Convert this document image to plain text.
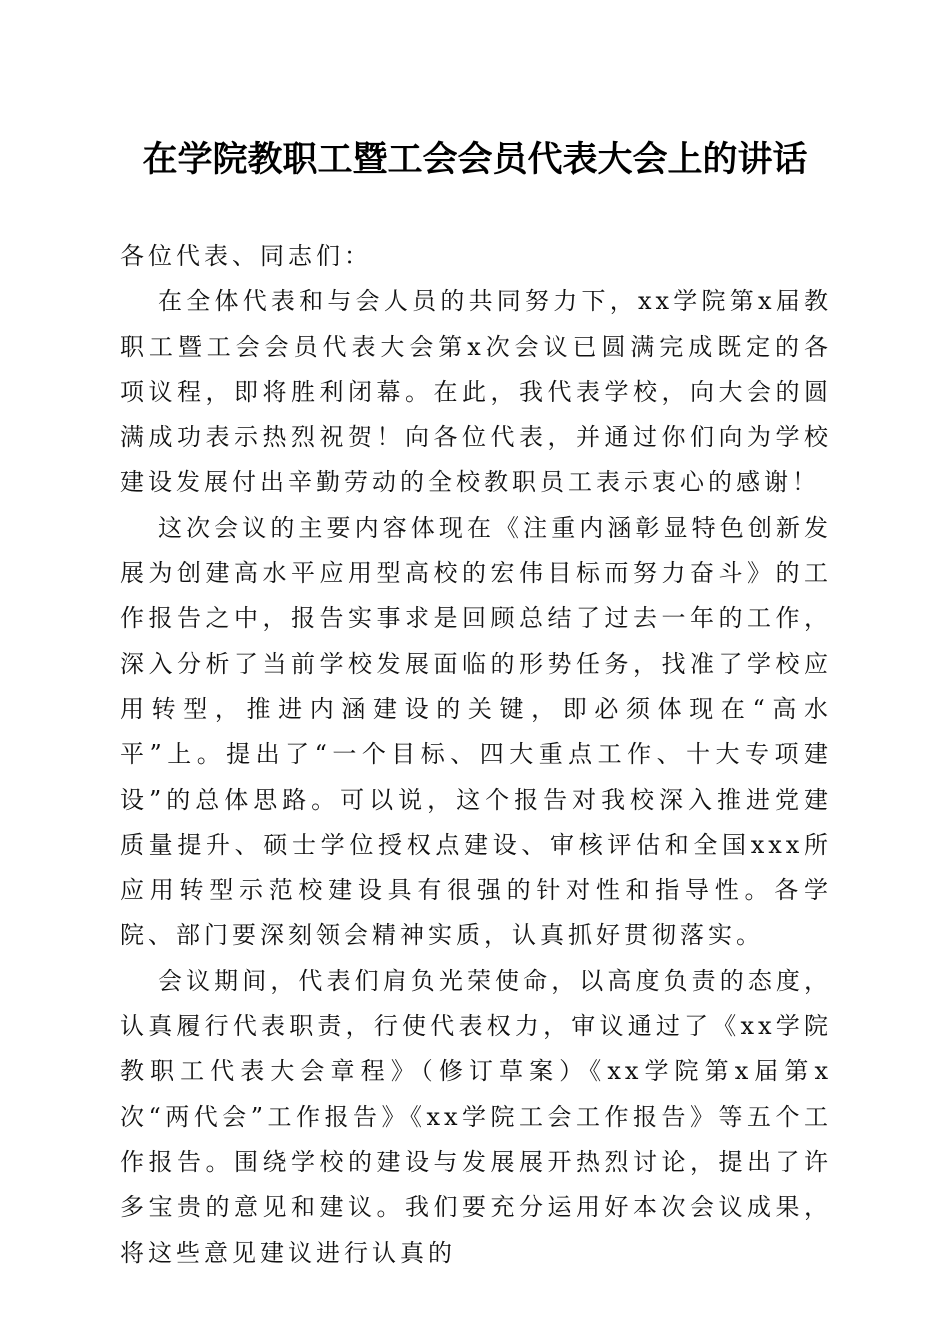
在学院教职工暨工会会员代表大会上的讲话

各位代表、同志们：

在全体代表和与会人员的共同努力下，xx学院第x届教职工暨工会会员代表大会第x次会议已圆满完成既定的各项议程，即将胜利闭幕。在此，我代表学校，向大会的圆满成功表示热烈祝贺！向各位代表，并通过你们向为学校建设发展付出辛勤劳动的全校教职员工表示衷心的感谢！

这次会议的主要内容体现在《注重内涵彰显特色创新发展为创建高水平应用型高校的宏伟目标而努力奋斗》的工作报告之中，报告实事求是回顾总结了过去一年的工作，深入分析了当前学校发展面临的形势任务，找准了学校应用转型，推进内涵建设的关键，即必须体现在“高水平”上。提出了“一个目标、四大重点工作、十大专项建设”的总体思路。可以说，这个报告对我校深入推进党建质量提升、硕士学位授权点建设、审核评估和全国xxx所应用转型示范校建设具有很强的针对性和指导性。各学院、部门要深刻领会精神实质，认真抓好贯彻落实。

会议期间，代表们肩负光荣使命，以高度负责的态度，认真履行代表职责，行使代表权力，审议通过了《xx学院教职工代表大会章程》（修订草案）《xx学院第x届第x次“两代会”工作报告》《xx学院工会工作报告》等五个工作报告。围绕学校的建设与发展展开热烈讨论，提出了许多宝贵的意见和建议。我们要充分运用好本次会议成果，将这些意见建议进行认真的
